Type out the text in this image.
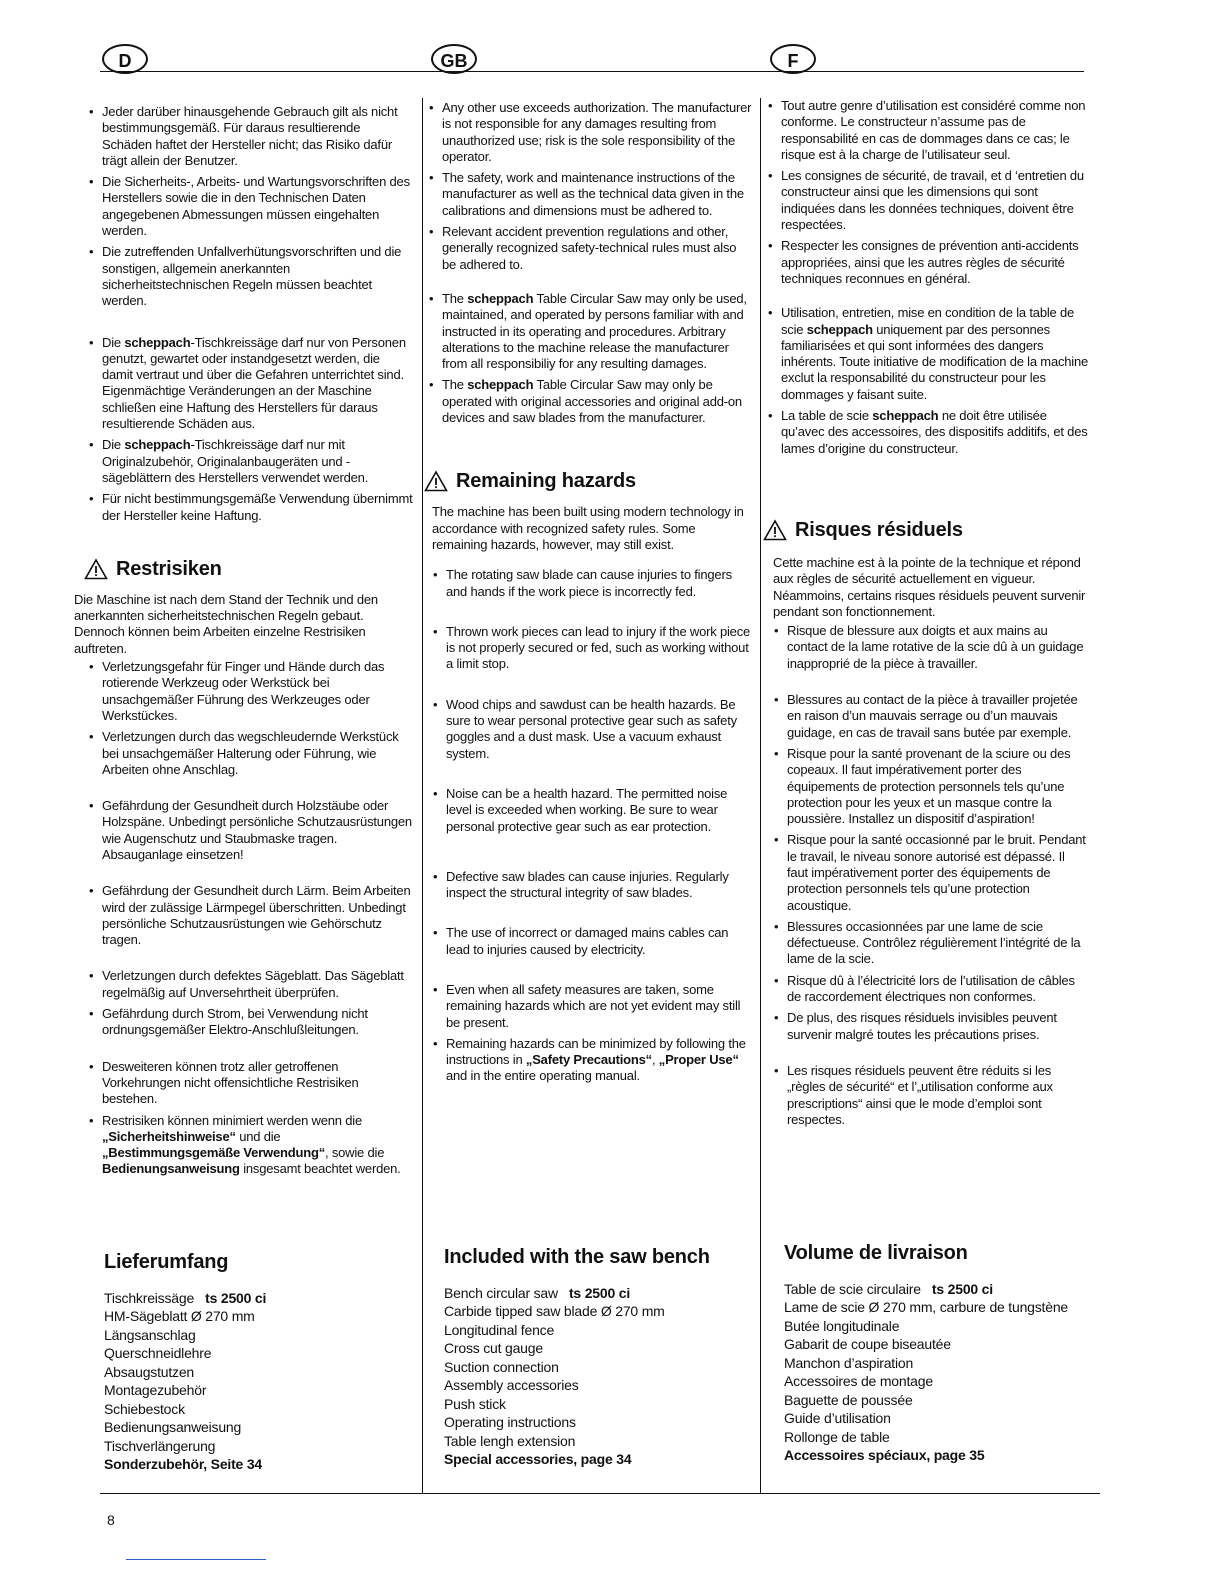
D	GB	F
• Jeder darüber hinausgehende Gebrauch gilt als nicht bestimmungsgemäß. Für daraus resultierende Schäden haftet der Hersteller nicht; das Risiko dafür trägt allein der Benutzer.
• Die Sicherheits-, Arbeits- und Wartungsvorschriften des Herstellers sowie die in den Technischen Daten angegebenen Abmessungen müssen eingehalten werden.
• Die zutreffenden Unfallverhütungsvorschriften und die sonstigen, allgemein anerkannten sicherheitstechnischen Regeln müssen beachtet werden.
• Die scheppach-Tischkreissäge darf nur von Personen genutzt, gewartet oder instandgesetzt werden, die damit vertraut und über die Gefahren unterrichtet sind. Eigenmächtige Veränderungen an der Maschine schließen eine Haftung des Herstellers für daraus resultierende Schäden aus.
• Die scheppach-Tischkreissäge darf nur mit Originalzubehör, Originalanbaugeräten und -sägeblättern des Herstellers verwendet werden.
• Für nicht bestimmungsgemäße Verwendung übernimmt der Hersteller keine Haftung.
Restrisiken

Die Maschine ist nach dem Stand der Technik und den anerkannten sicherheitstechnischen Regeln gebaut. Dennoch können beim Arbeiten einzelne Restrisiken auftreten.

• Verletzungsgefahr für Finger und Hände durch das rotierende Werkzeug oder Werkstück bei unsachgemäßer Führung des Werkzeuges oder Werkstückes.
• Verletzungen durch das wegschleudernde Werkstück bei unsachgemäßer Halterung oder Führung, wie Arbeiten ohne Anschlag.
• Gefährdung der Gesundheit durch Holzstäube oder Holzspäne. Unbedingt persönliche Schutzausrüstungen wie Augenschutz und Staubmaske tragen. Absauganlage einsetzen!
• Gefährdung der Gesundheit durch Lärm. Beim Arbeiten wird der zulässige Lärmpegel überschritten. Unbedingt persönliche Schutzausrüstungen wie Gehörschutz tragen.
• Verletzungen durch defektes Sägeblatt. Das Sägeblatt regelmäßig auf Unversehrtheit überprüfen.
• Gefährdung durch Strom, bei Verwendung nicht ordnungsgemäßer Elektro-Anschlußleitungen.
• Desweiteren können trotz aller getroffenen Vorkehrungen nicht offensichtliche Restrisiken bestehen.
• Restrisiken können minimiert werden wenn die „Sicherheitshinweise“ und die „Bestimmungsgemäße Verwendung“, sowie die Bedienungsanweisung insgesamt beachtet werden.
Lieferumfang
Tischkreissäge ts 2500 ci
HM-Sägeblatt Ø 270 mm
Längsanschlag
Querschneidlehre
Absaugstutzen
Montagezubehör
Schiebestock
Bedienungsanweisung
Tischverlängerung
Sonderzubehör, Seite 34
• Any other use exceeds authorization. The manufacturer is not responsible for any damages resulting from unauthorized use; risk is the sole responsibility of the operator.
• The safety, work and maintenance instructions of the manufacturer as well as the technical data given in the calibrations and dimensions must be adhered to.
• Relevant accident prevention regulations and other, generally recognized safety-technical rules must also be adhered to.
• The scheppach Table Circular Saw may only be used, maintained, and operated by persons familiar with and instructed in its operating and procedures. Arbitrary alterations to the machine release the manufacturer from all responsibiliy for any resulting damages.
• The scheppach Table Circular Saw may only be operated with original accessories and original add-on devices and saw blades from the manufacturer.
Remaining hazards

The machine has been built using modern technology in accordance with recognized safety rules. Some remaining hazards, however, may still exist.

• The rotating saw blade can cause injuries to fingers and hands if the work piece is incorrectly fed.
• Thrown work pieces can lead to injury if the work piece is not properly secured or fed, such as working without a limit stop.
• Wood chips and sawdust can be health hazards. Be sure to wear personal protective gear such as safety goggles and a dust mask. Use a vacuum exhaust system.
• Noise can be a health hazard. The permitted noise level is exceeded when working. Be sure to wear personal protective gear such as ear protection.
• Defective saw blades can cause injuries. Regularly inspect the structural integrity of saw blades.
• The use of incorrect or damaged mains cables can lead to injuries caused by electricity.
• Even when all safety measures are taken, some remaining hazards which are not yet evident may still be present.
• Remaining hazards can be minimized by following the instructions in „Safety Precautions“, „Proper Use“ and in the entire operating manual.
Included with the saw bench
Bench circular saw ts 2500 ci
Carbide tipped saw blade Ø 270 mm
Longitudinal fence
Cross cut gauge
Suction connection
Assembly accessories
Push stick
Operating instructions
Table lengh extension
Special accessories, page 34
• Tout autre genre d’utilisation est considéré comme non conforme. Le constructeur n’assume pas de responsabilité en cas de dommages dans ce cas; le risque est à la charge de l’utilisateur seul.
• Les consignes de sécurité, de travail, et d ‘entretien du constructeur ainsi que les dimensions qui sont indiquées dans les données techniques, doivent être respectées.
• Respecter les consignes de prévention anti-accidents appropriées, ainsi que les autres règles de sécurité techniques reconnues en général.
• Utilisation, entretien, mise en condition de la table de scie scheppach uniquement par des personnes familiarisées et qui sont informées des dangers inhérents. Toute initiative de modification de la machine exclut la responsabilité du constructeur pour les dommages y faisant suite.
• La table de scie scheppach ne doit être utilisée qu’avec des accessoires, des dispositifs additifs, et des lames d’origine du constructeur.
Risques résiduels

Cette machine est à la pointe de la technique et répond aux règles de sécurité actuellement en vigueur. Néammoins, certains risques résiduels peuvent survenir pendant son fonctionnement.

• Risque de blessure aux doigts et aux mains au contact de la lame rotative de la scie dû à un guidage inapproprié de la pièce à travailler.
• Blessures au contact de la pièce à travailler projetée en raison d’un mauvais serrage ou d’un mauvais guidage, en cas de travail sans butée par exemple.
• Risque pour la santé provenant de la sciure ou des copeaux. Il faut impérativement porter des équipements de protection personnels tels qu’une protection pour les yeux et un masque contre la poussière. Installez un dispositif d’aspiration!
• Risque pour la santé occasionné par le bruit. Pendant le travail, le niveau sonore autorisé est dépassé. Il faut impérativement porter des équipements de protection personnels tels qu’une protection acoustique.
• Blessures occasionnées par une lame de scie défectueuse. Contrôlez régulièrement l’intégrité de la lame de la scie.
• Risque dû à l’électricité lors de l’utilisation de câbles de raccordement électriques non conformes.
• De plus, des risques résiduels invisibles peuvent survenir malgré toutes les précautions prises.
• Les risques résiduels peuvent être réduits si les „règles de sécurité“ et l’„utilisation conforme aux prescriptions“ ainsi que le mode d’emploi sont respectes.
Volume de livraison
Table de scie circulaire ts 2500 ci
Lame de scie Ø 270 mm, carbure de tungstène
Butée longitudinale
Gabarit de coupe biseautée
Manchon d’aspiration
Accessoires de montage
Baguette de poussée
Guide d’utilisation
Rollonge de table
Accessoires spéciaux, page 35
8
